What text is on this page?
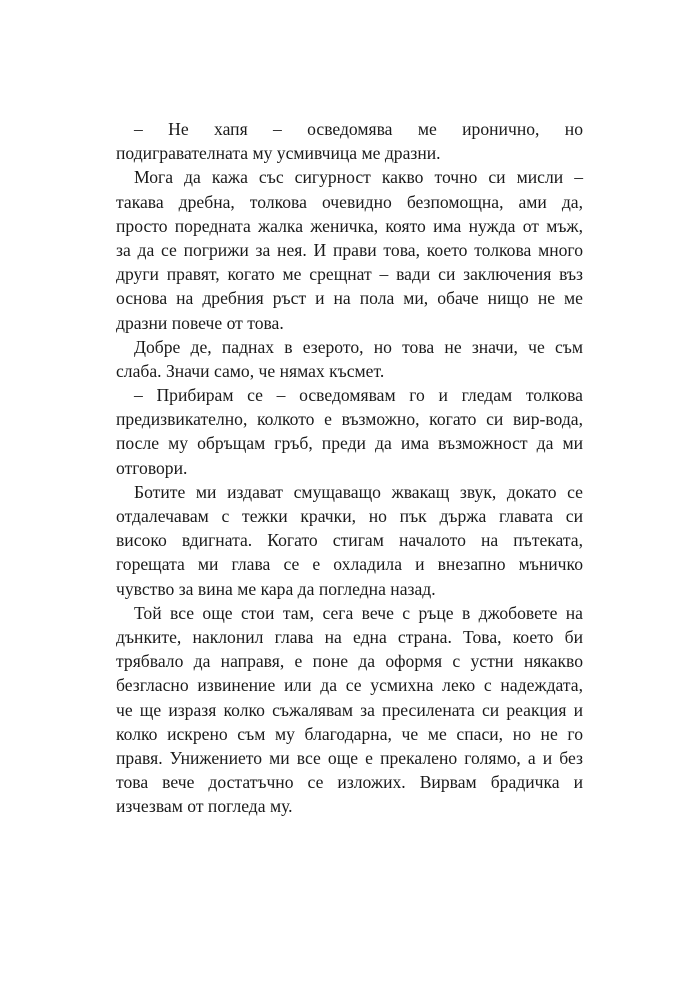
– Не хапя – осведомява ме иронично, но
подигравателната му усмивчица ме дразни.

Мога да кажа със сигурност какво точно си мисли –
такава дребна, толкова очевидно безпомощна, ами да,
просто поредната жалка женичка, която има нужда от мъж,
за да се погрижи за нея. И прави това, което толкова много
други правят, когато ме срещнат – вади си заключения въз
основа на дребния ръст и на пола ми, обаче нищо не ме
дразни повече от това.

Добре де, паднах в езерото, но това не значи, че съм
слаба. Значи само, че нямах късмет.

– Прибирам се – осведомявам го и гледам толкова
предизвикателно, колкото е възможно, когато си вир-вода,
после му обръщам гръб, преди да има възможност да ми
отговори.

Ботите ми издават смущаващо жвакащ звук, докато се
отдалечавам с тежки крачки, но пък държа главата си
високо вдигната. Когато стигам началото на пътеката,
горещата ми глава се е охладила и внезапно мъничко
чувство за вина ме кара да погледна назад.

Той все още стои там, сега вече с ръце в джобовете на
дънките, наклонил глава на една страна. Това, което би
трябвало да направя, е поне да оформя с устни някакво
безгласно извинение или да се усмихна леко с надеждата,
че ще изразя колко съжалявам за пресилената си реакция и
колко искрено съм му благодарна, че ме спаси, но не го
правя. Унижението ми все още е прекалено голямо, а и без
това вече достатъчно се изложих. Вирвам брадичка и
изчезвам от погледа му.
